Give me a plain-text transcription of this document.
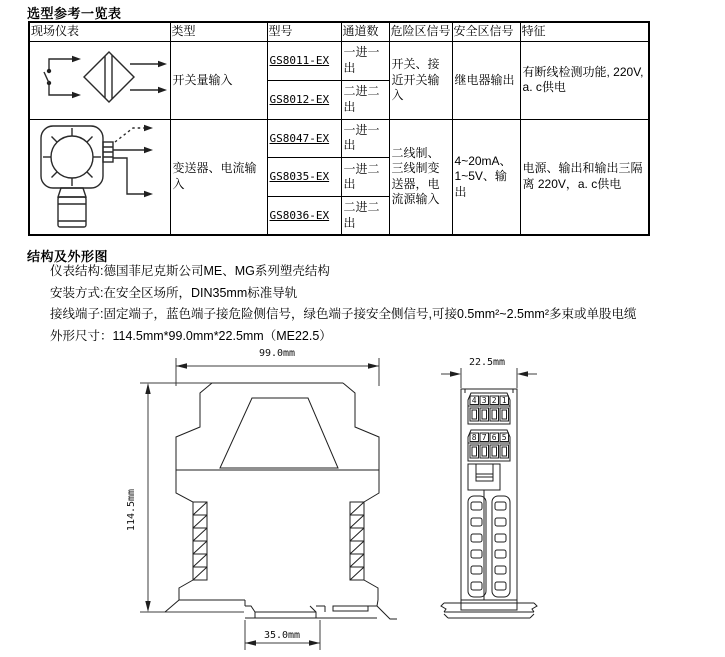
选型参考一览表
现场仪表	类型	型号	通道数	危险区信号	安全区信号	特征
	开关量输入	GS8011-EX	一进一出	开关、接近开关输入	继电器输出	有断线检测功能, 220V, a. c供电
		GS8012-EX	二进二出			
	变送器、电流输入	GS8047-EX	一进一出	二线制、三线制变送器，电流源输入	4~20mA、1~5V、输出	电源、输出和输出三隔离 220V，a. c供电
		GS8035-EX	一进二出			
		GS8036-EX	二进二出			
结构及外形图
仪表结构:德国菲尼克斯公司ME、MG系列塑壳结构
安装方式:在安全区场所，DIN35mm标准导轨
接线端子:固定端子，蓝色端子接危险侧信号，绿色端子接安全侧信号,可接0.5mm²~2.5mm²多束或单股电缆
外形尺寸：114.5mm*99.0mm*22.5mm（ME22.5）
99.0mm
114.5mm
35.0mm
22.5mm
4 3 2 1
8 7 6 5
